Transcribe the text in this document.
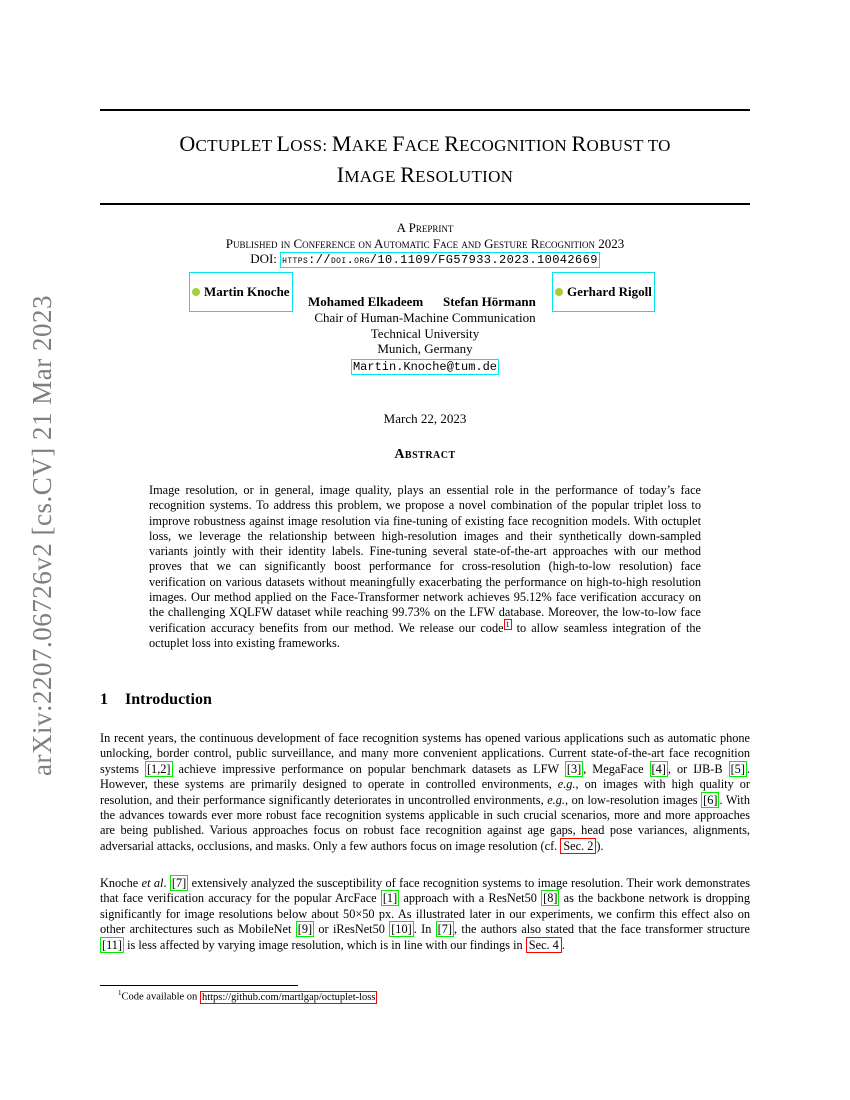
arXiv:2207.06726v2 [cs.CV] 21 Mar 2023
OCTUPLET LOSS: MAKE FACE RECOGNITION ROBUST TO
IMAGE RESOLUTION
A Preprint
Published in Conference on Automatic Face and Gesture Recognition 2023
DOI: https://doi.org/10.1109/FG57933.2023.10042669
Martin Knoche
Mohamed Elkadeem Stefan Hörmann
Gerhard Rigoll
Chair of Human-Machine Communication
Technical University
Munich, Germany
Martin.Knoche@tum.de
March 22, 2023
Abstract
Image resolution, or in general, image quality, plays an essential role in the performance of today’s face recognition systems. To address this problem, we propose a novel combination of the popular triplet loss to improve robustness against image resolution via fine-tuning of existing face recognition models. With octuplet loss, we leverage the relationship between high-resolution images and their synthetically down-sampled variants jointly with their identity labels. Fine-tuning several state-of-the-art approaches with our method proves that we can significantly boost performance for cross-resolution (high-to-low resolution) face verification on various datasets without meaningfully exacerbating the performance on high-to-high resolution images. Our method applied on the Face-Transformer network achieves 95.12% face verification accuracy on the challenging XQLFW dataset while reaching 99.73% on the LFW database. Moreover, the low-to-low face verification accuracy benefits from our method. We release our code $^1$ to allow seamless integration of the octuplet loss into existing frameworks.
1 Introduction
In recent years, the continuous development of face recognition systems has opened various applications such as automatic phone unlocking, border control, public surveillance, and many more convenient applications. Current state-of-the-art face recognition systems [1,2] achieve impressive performance on popular benchmark datasets as LFW [3] , MegaFace [4] , or IJB-B [5] . However, these systems are primarily designed to operate in controlled environments, e.g., on images with high quality or resolution, and their performance significantly deteriorates in uncontrolled environments, e.g., on low-resolution images [6] . With the advances towards ever more robust face recognition systems applicable in such crucial scenarios, more and more approaches are being published. Various approaches focus on robust face recognition against age gaps, head pose variances, alignments, adversarial attacks, occlusions, and masks. Only a few authors focus on image resolution (cf. Sec. 2 ).
Knoche et al. [7] extensively analyzed the susceptibility of face recognition systems to image resolution. Their work demonstrates that face verification accuracy for the popular ArcFace [1] approach with a ResNet50 [8] as the backbone network is dropping significantly for image resolutions below about 50×50 px. As illustrated later in our experiments, we confirm this effect also on other architectures such as MobileNet [9] or iResNet50 [10] . In [7] , the authors also stated that the face transformer structure [11] is less affected by varying image resolution, which is in line with our findings in Sec. 4 .
$^1$Code available on https://github.com/martlgap/octuplet-loss
